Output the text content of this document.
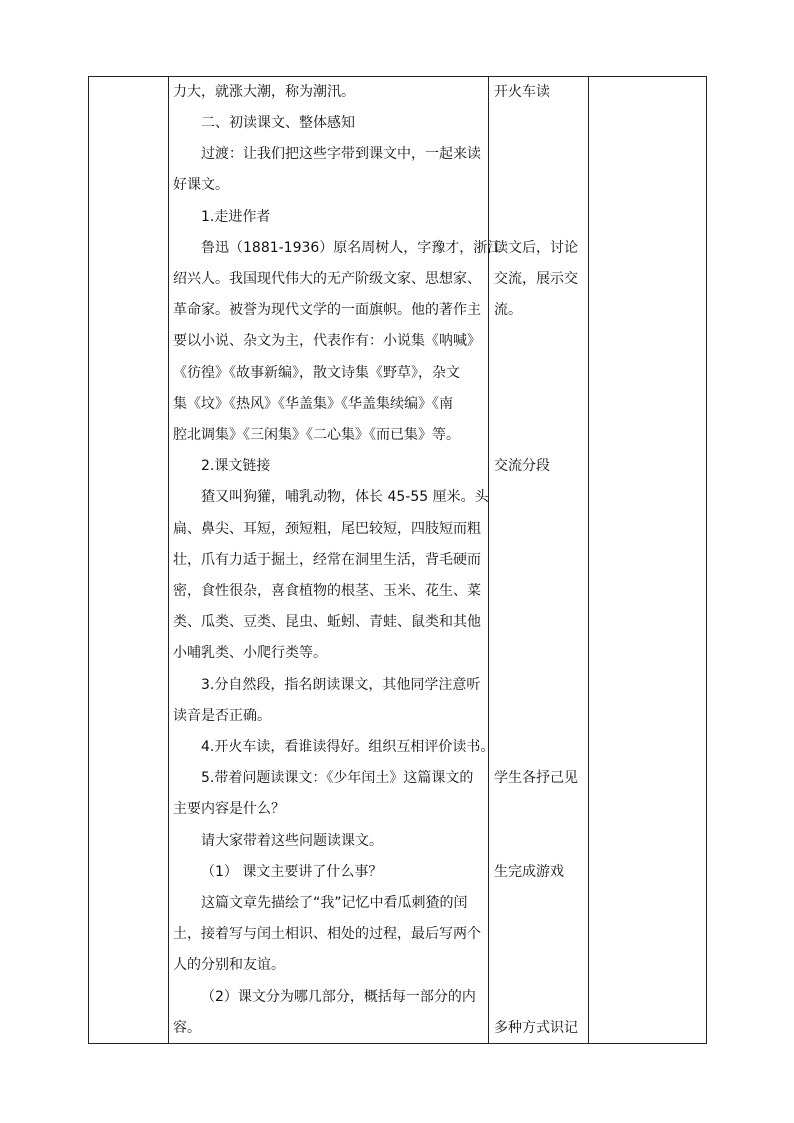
力大，就涨大潮，称为潮汛。
二、初读课文、整体感知
过渡：让我们把这些字带到课文中，一起来读
好课文。
1.走进作者
鲁迅（1881-1936）原名周树人，字豫才，浙江
绍兴人。我国现代伟大的无产阶级文家、思想家、
革命家。被誉为现代文学的一面旗帜。他的著作主
要以小说、杂文为主，代表作有：小说集《呐喊》
《彷徨》《故事新编》，散文诗集《野草》，杂文
集《坟》《热风》《华盖集》《华盖集续编》《南
腔北调集》《三闲集》《二心集》《而已集》等。
2.课文链接
猹又叫狗獾，哺乳动物，体长 45-55 厘米。头
扁、鼻尖、耳短，颈短粗，尾巴较短，四肢短而粗
壮，爪有力适于掘土，经常在洞里生活，背毛硬而
密，食性很杂，喜食植物的根茎、玉米、花生、菜
类、瓜类、豆类、昆虫、蚯蚓、青蛙、鼠类和其他
小哺乳类、小爬行类等。
3.分自然段，指名朗读课文，其他同学注意听
读音是否正确。
4.开火车读，看谁读得好。组织互相评价读书。
5.带着问题读课文：《少年闰土》这篇课文的
主要内容是什么？
请大家带着这些问题读课文。
（1） 课文主要讲了什么事？
这篇文章先描绘了“我”记忆中看瓜刺猹的闰
土，接着写与闰土相识、相处的过程，最后写两个
人的分别和友谊。
（2）课文分为哪几部分，概括每一部分的内
容。
开火车读
读文后，讨论
交流，展示交
流。
交流分段
学生各抒己见
生完成游戏
多种方式识记
